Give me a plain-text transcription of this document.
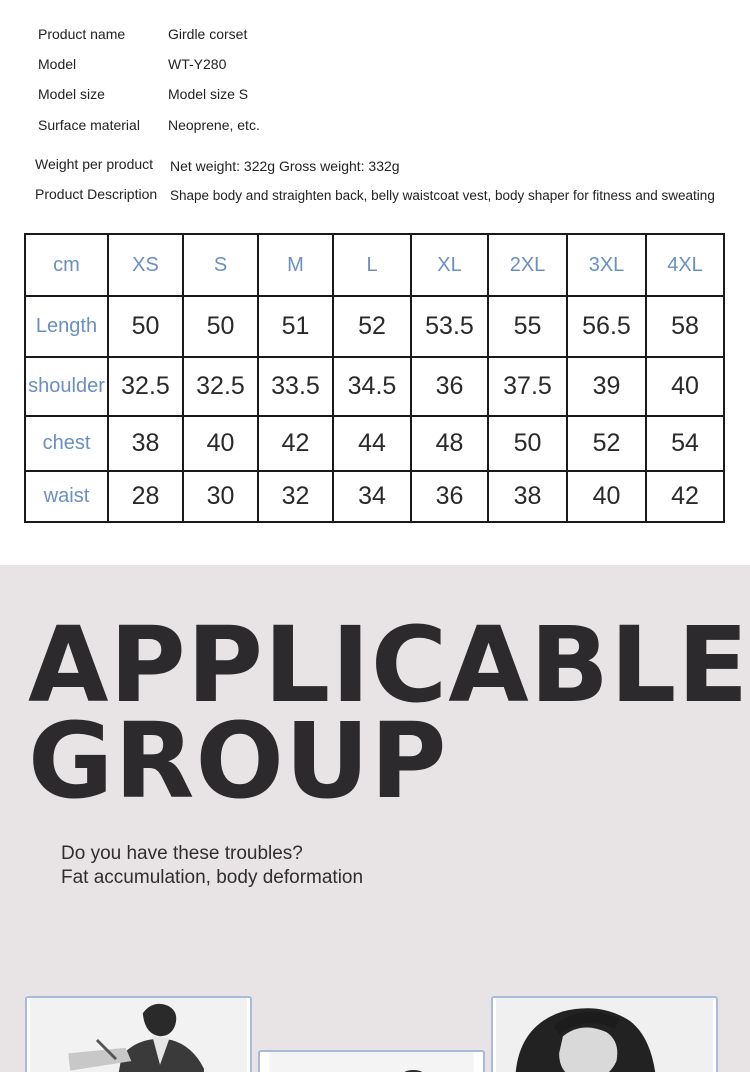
Product name	Girdle corset
Model	WT-Y280
Model size	Model size S
Surface material Neoprene, etc.
Weight per product Net weight: 322g Gross weight: 332g
Product Description Shape body and straighten back, belly waistcoat vest, body shaper for fitness and sweating
cm	XS	S	M	L	XL	2XL	3XL	4XL
Length	50	50	51	52	53.5	55	56.5	58
shoulder	32.5	32.5	33.5	34.5	36	37.5	39	40
chest	38	40	42	44	48	50	52	54
waist	28	30	32	34	36	38	40	42
APPLICABLE
GROUP
Do you have these troubles?
Fat accumulation, body deformation
